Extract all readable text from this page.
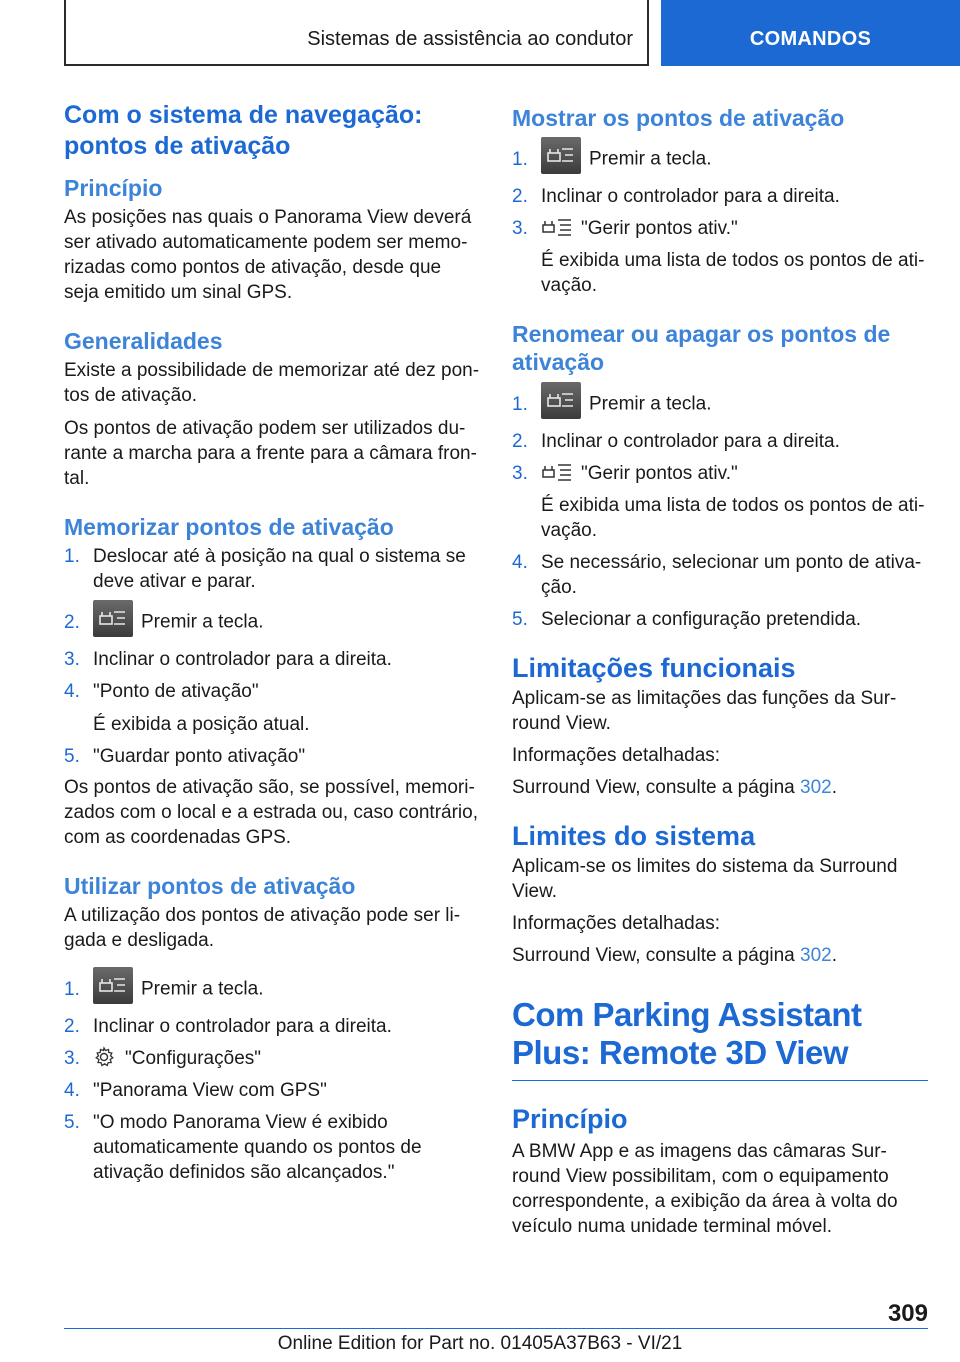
Sistemas de assistência ao condutor	COMANDOS
Com o sistema de navegação: pontos de ativação
Princípio

As posições nas quais o Panorama View deverá ser ativado automaticamente podem ser memo-rizadas como pontos de ativação, desde que seja emitido um sinal GPS.

Generalidades

Existe a possibilidade de memorizar até dez pon-tos de ativação.

Os pontos de ativação podem ser utilizados du-rante a marcha para a frente para a câmara fron-tal.

Memorizar pontos de ativação
1. Deslocar até à posição na qual o sistema se deve ativar e parar.
2.	Premir a tecla.
3. Inclinar o controlador para a direita.
4. "Ponto de ativação"
É exibida a posição atual.
5. "Guardar ponto ativação"

Os pontos de ativação são, se possível, memori-zados com o local e a estrada ou, caso contrário, com as coordenadas GPS.

Utilizar pontos de ativação

A utilização dos pontos de ativação pode ser li-gada e desligada.

1.	Premir a tecla.
2. Inclinar o controlador para a direita.
3. "Configurações"
4. "Panorama View com GPS"
5. "O modo Panorama View é exibido automaticamente quando os pontos de ativação definidos são alcançados."
Mostrar os pontos de ativação
1.	Premir a tecla.
2. Inclinar o controlador para a direita.
3.	"Gerir pontos ativ."
É exibida uma lista de todos os pontos de ati-vação.
Renomear ou apagar os pontos de ativação
1.	Premir a tecla.
2. Inclinar o controlador para a direita.
3.	"Gerir pontos ativ."
É exibida uma lista de todos os pontos de ati-vação.
4. Se necessário, selecionar um ponto de ativa-ção.
5. Selecionar a configuração pretendida.
Limitações funcionais

Aplicam-se as limitações das funções da Sur-round View.

Informações detalhadas:

Surround View, consulte a página 302.

Limites do sistema

Aplicam-se os limites do sistema da Surround View.

Informações detalhadas:

Surround View, consulte a página 302.

Com Parking Assistant Plus: Remote 3D View
Princípio

A BMW App e as imagens das câmaras Sur-round View possibilitam, com o equipamento correspondente, a exibição da área à volta do veículo numa unidade terminal móvel.

309
Online Edition for Part no. 01405A37B63 - VI/21
